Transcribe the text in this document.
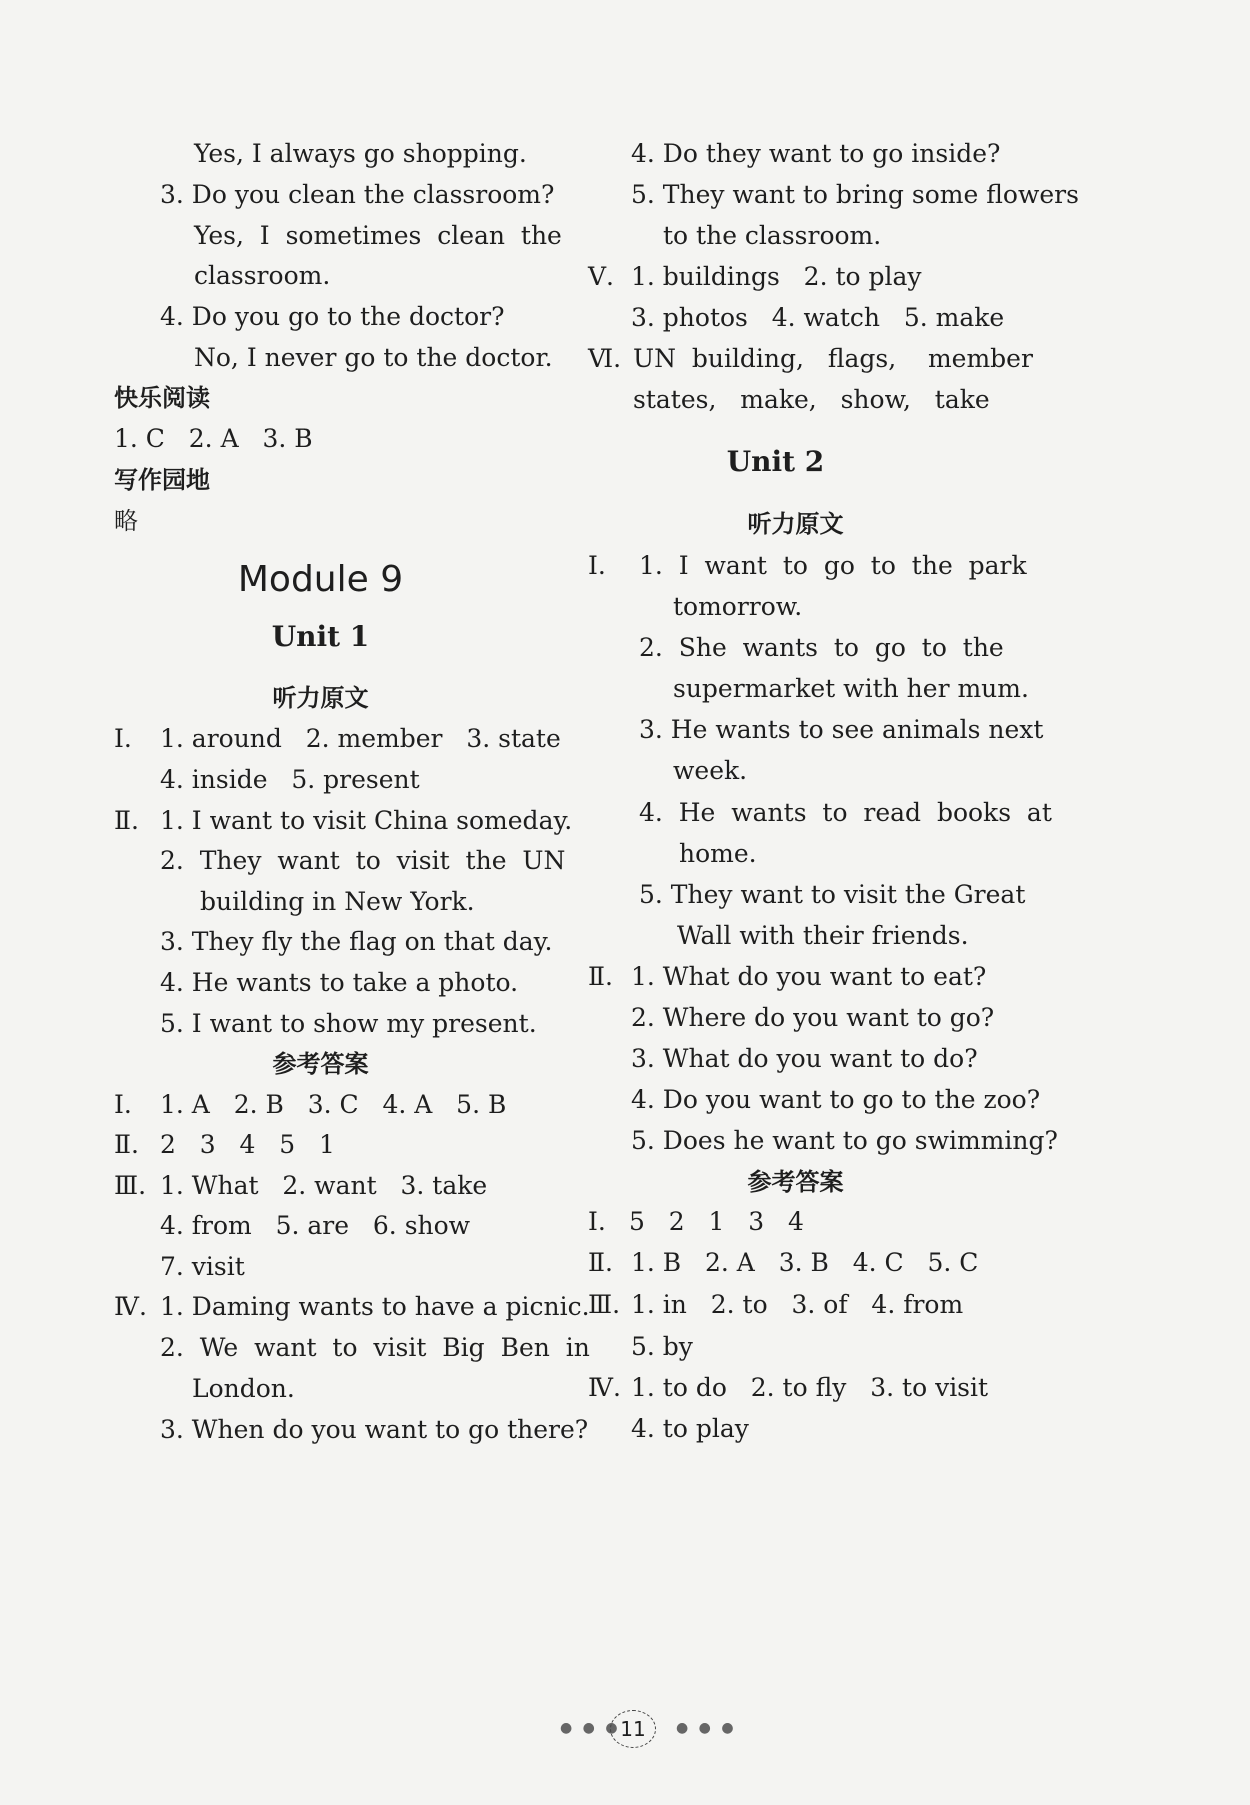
Yes, I always go shopping.
3. Do you clean the classroom?
Yes,  I  sometimes  clean  the
classroom.
4. Do you go to the doctor?
No, I never go to the doctor.
快乐阅读
1. C   2. A   3. B
写作园地
略
Module 9
Unit 1
听力原文
Ⅰ. 1. around   2. member   3. state
4. inside   5. present
Ⅱ. 1. I want to visit China someday.
2.  They  want  to  visit  the  UN
building in New York.
3. They fly the flag on that day.
4. He wants to take a photo.
5. I want to show my present.
参考答案
Ⅰ. 1. A   2. B   3. C   4. A   5. B
Ⅱ. 2   3   4   5   1
Ⅲ. 1. What   2. want   3. take
4. from   5. are   6. show
7. visit
Ⅳ. 1. Daming wants to have a picnic.
2.  We  want  to  visit  Big  Ben  in
London.
3. When do you want to go there?
4. Do they want to go inside?
5. They want to bring some flowers
to the classroom.
Ⅴ. 1. buildings   2. to play
3. photos   4. watch   5. make
Ⅵ. UN  building,   flags,    member
states,   make,   show,   take
Unit 2
听力原文
Ⅰ. 1.  I  want  to  go  to  the  park
tomorrow.
2.  She  wants  to  go  to  the
supermarket with her mum.
3. He wants to see animals next
week.
4.  He  wants  to  read  books  at
home.
5. They want to visit the Great
Wall with their friends.
Ⅱ. 1. What do you want to eat?
2. Where do you want to go?
3. What do you want to do?
4. Do you want to go to the zoo?
5. Does he want to go swimming?
参考答案
Ⅰ. 5   2   1   3   4
Ⅱ. 1. B   2. A   3. B   4. C   5. C
Ⅲ. 1. in   2. to   3. of   4. from
5. by
Ⅳ. 1. to do   2. to fly   3. to visit
4. to play
● ● ● 11	● ● ●
